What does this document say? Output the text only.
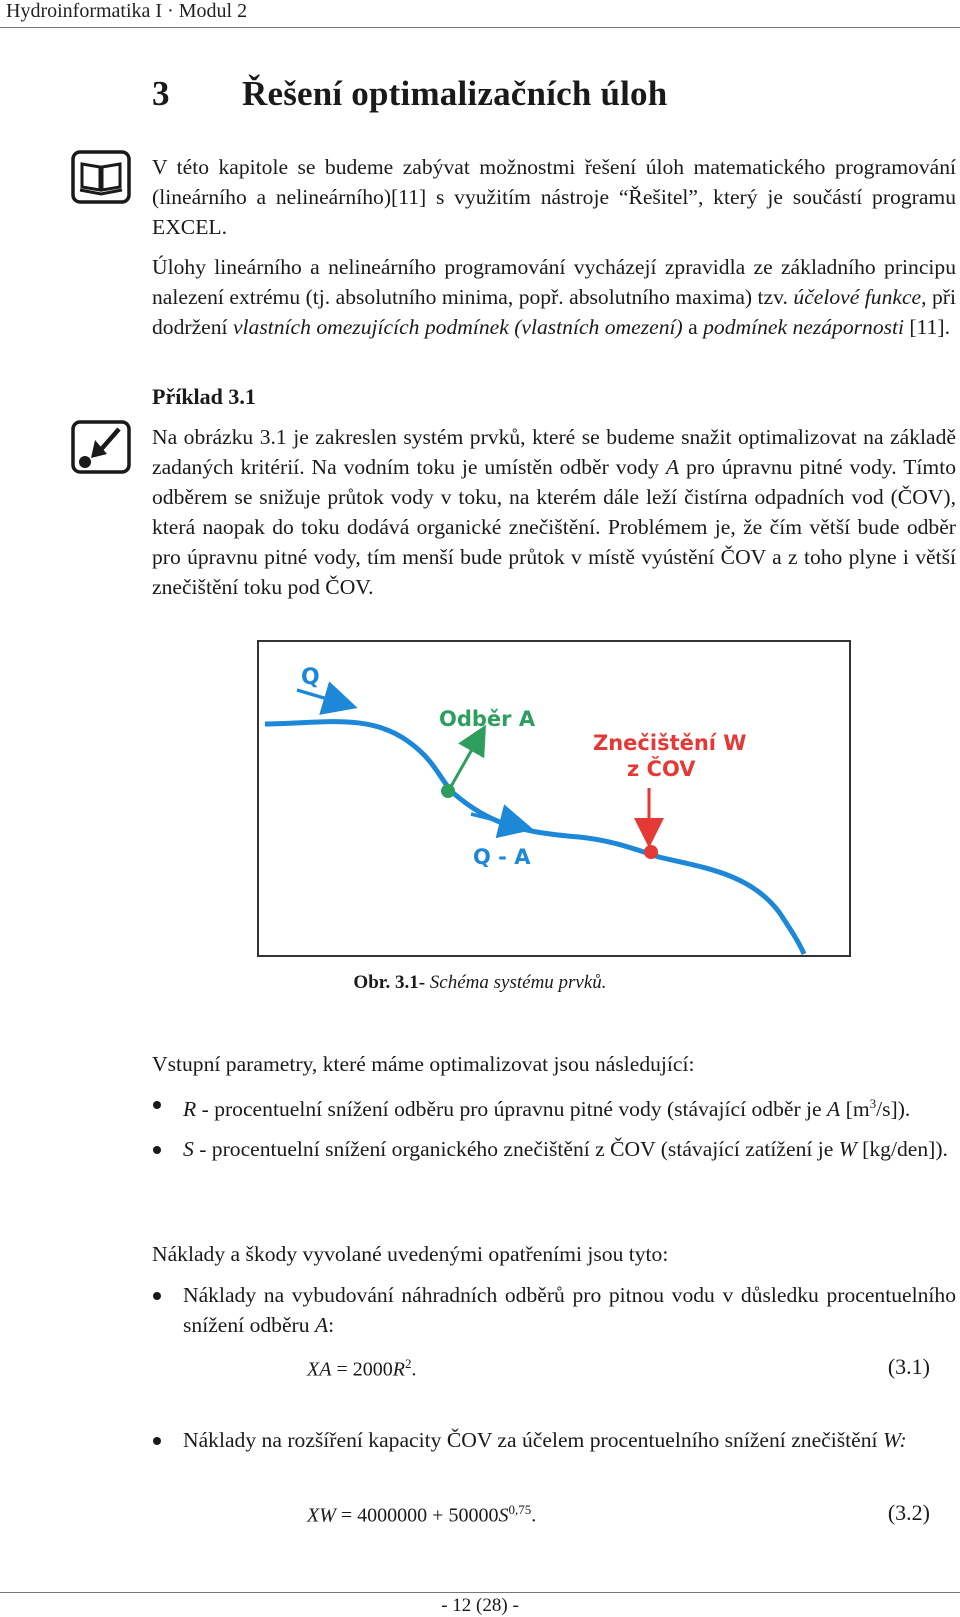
Hydroinformatika I · Modul 2
3 Řešení optimalizačních úloh

V této kapitole se budeme zabývat možnostmi řešení úloh matematického programování (lineárního a nelineárního)[11] s využitím nástroje “Řešitel”, který je součástí programu EXCEL.

Úlohy lineárního a nelineárního programování vycházejí zpravidla ze základního principu nalezení extrému (tj. absolutního minima, popř. absolutního maxima) tzv. účelové funkce, při dodržení vlastních omezujících podmínek (vlastních omezení) a podmínek nezápornosti [11].

Příklad 3.1

Na obrázku 3.1 je zakreslen systém prvků, které se budeme snažit optimalizovat na základě zadaných kritérií. Na vodním toku je umístěn odběr vody A pro úpravnu pitné vody. Tímto odběrem se snižuje průtok vody v toku, na kterém dále leží čistírna odpadních vod (ČOV), která naopak do toku dodává organické znečištění. Problémem je, že čím větší bude odběr pro úpravnu pitné vody, tím menší bude průtok v místě vyústění ČOV a z toho plyne i větší znečištění toku pod ČOV.

Q
Odběr A
Q - A
Znečištění W
z ČOV
Obr. 3.1- Schéma systému prvků.

Vstupní parametry, které máme optimalizovat jsou následující:

R - procentuelní snížení odběru pro úpravnu pitné vody (stávající odběr je A $[m^3/s]$).
S - procentuelní snížení organického znečištění z ČOV (stávající zatížení je W [kg/den]).

Náklady a škody vyvolané uvedenými opatřeními jsou tyto:

Náklady na vybudování náhradních odběrů pro pitnou vodu v důsledku procentuelního snížení odběru A:
XA = $2000R^2$.	(3.1)
Náklady na rozšíření kapacity ČOV za účelem procentuelního snížení znečištění W:
XW = $4000000 + 50000S^{0,75}$.	(3.2)
- 12 (28) -
